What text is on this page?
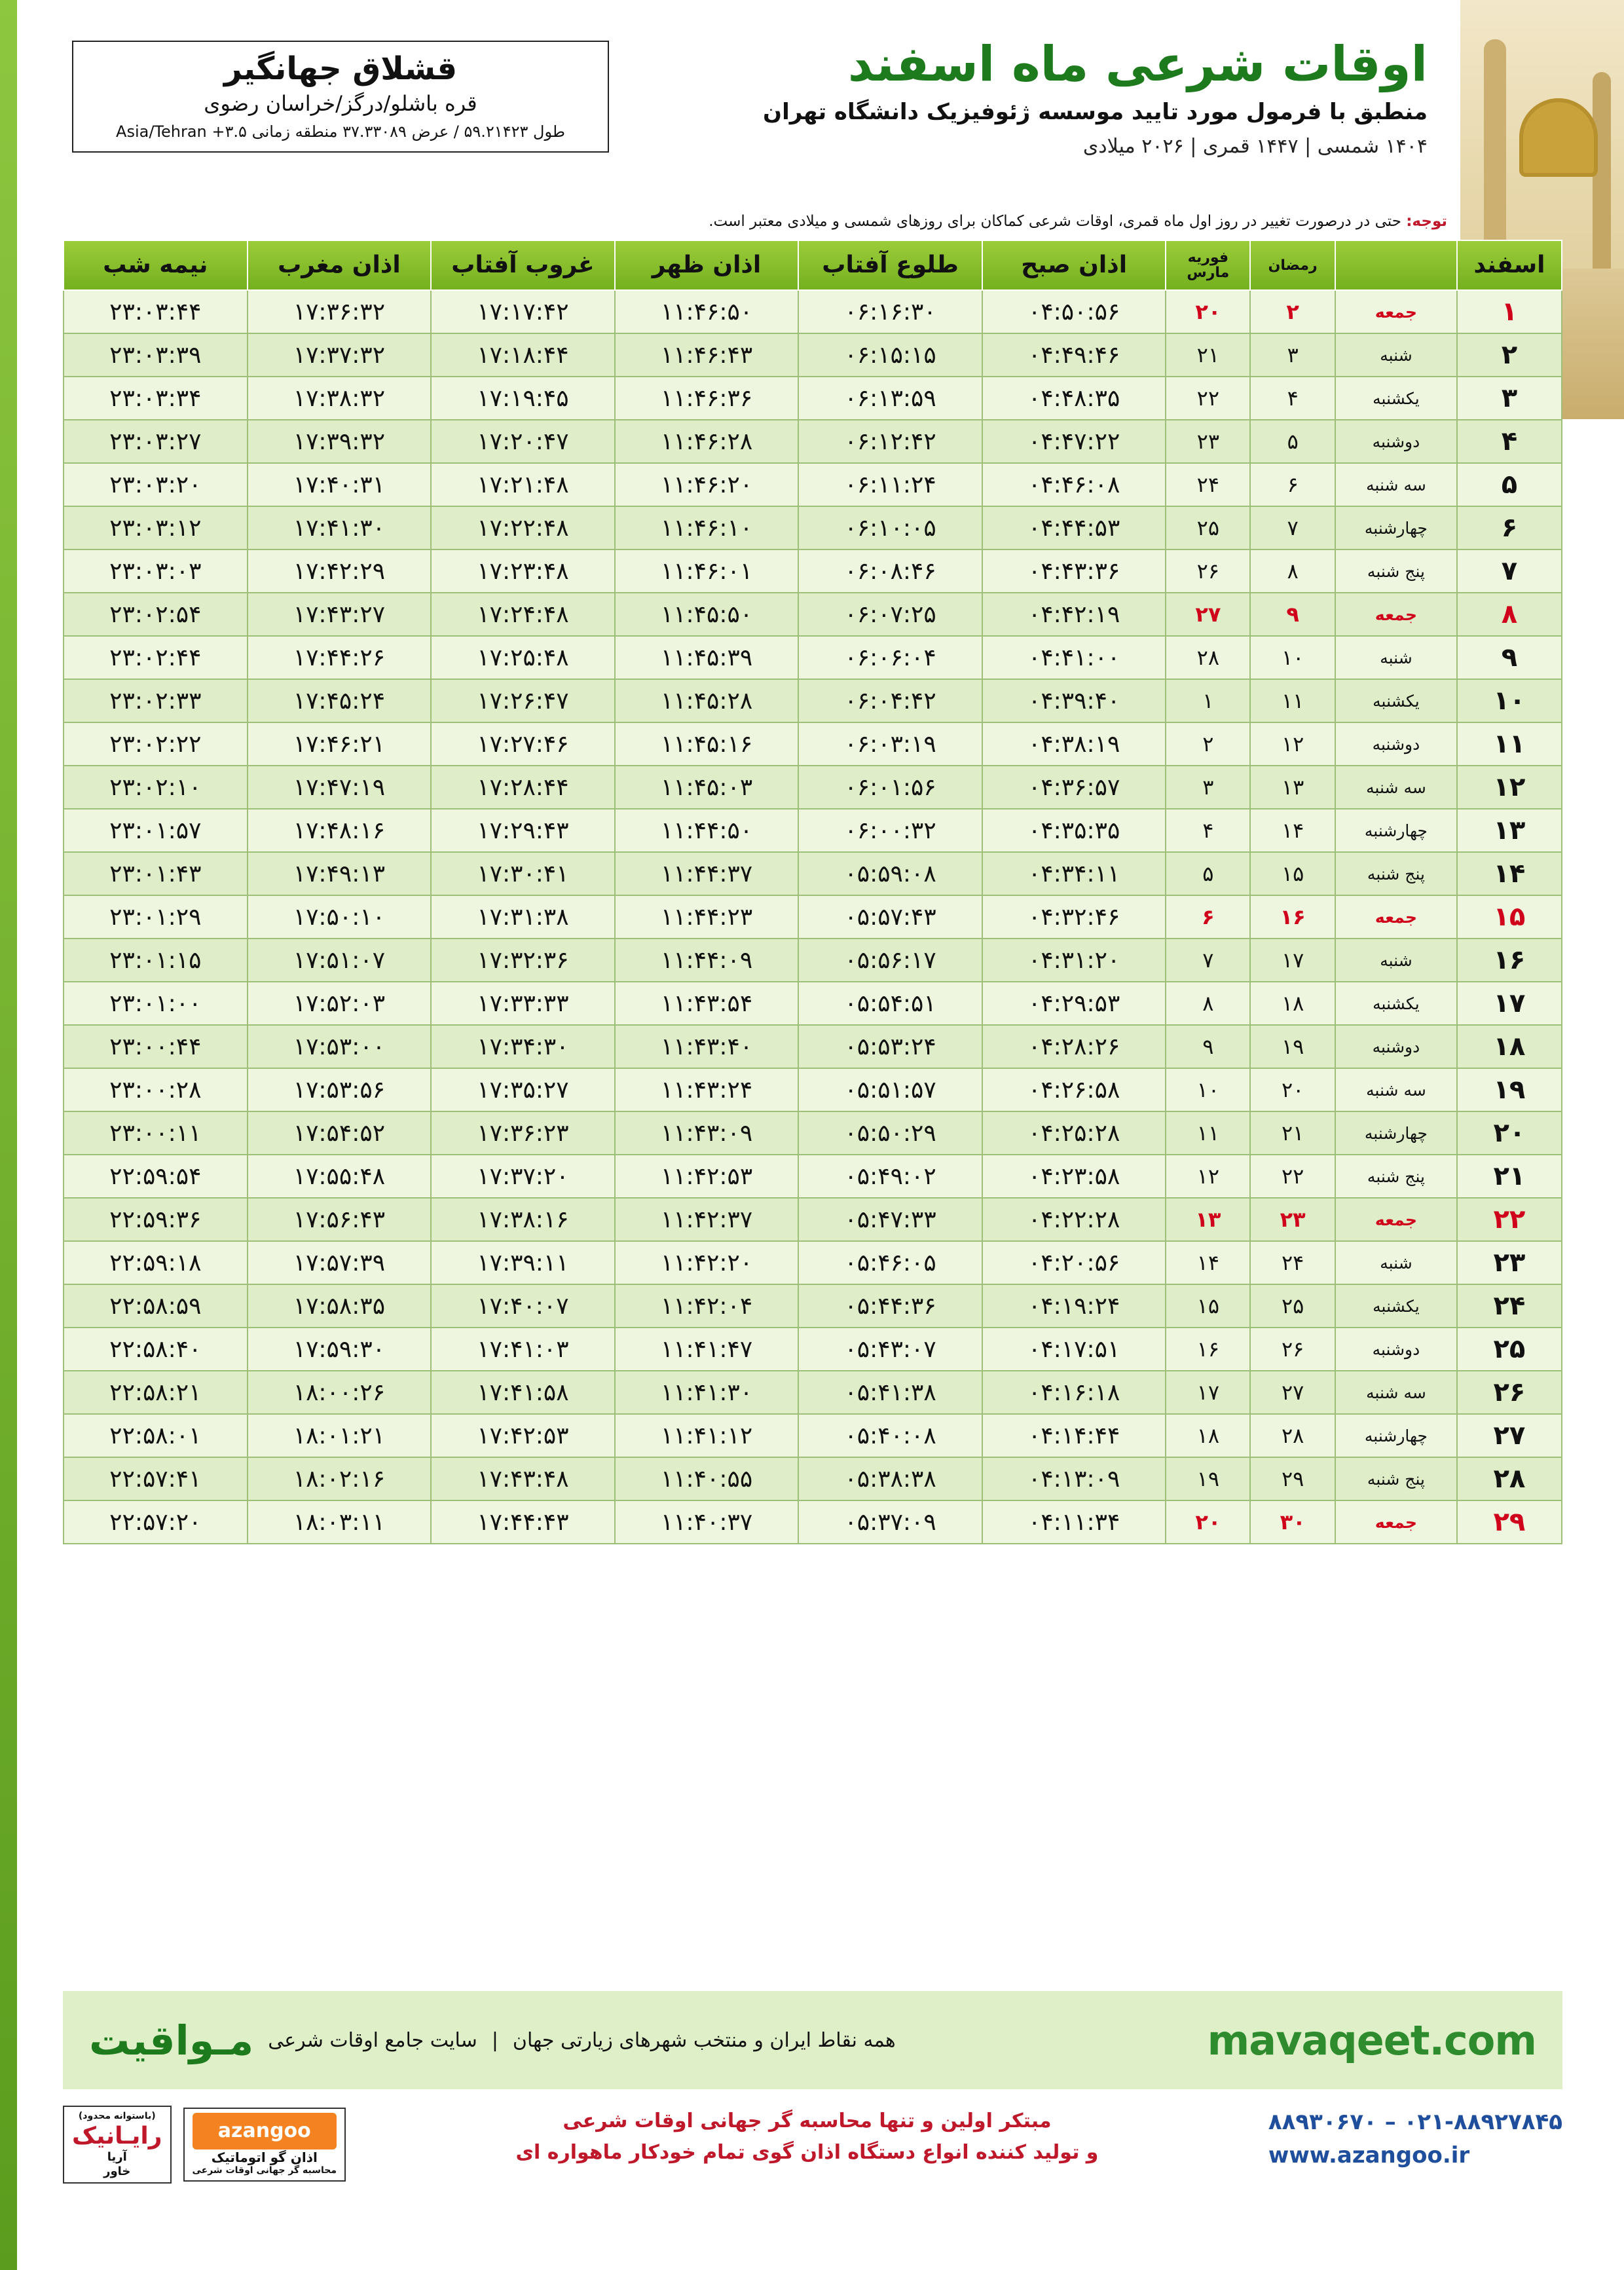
اوقات شرعی ماه اسفند
منطبق با فرمول مورد تایید موسسه ژئوفیزیک دانشگاه تهران
۱۴۰۴ شمسی | ۱۴۴۷ قمری | ۲۰۲۶ میلادی
قشلاق جهانگیر
قره باشلو/درگز/خراسان رضوی
طول ۵۹.۲۱۴۲۳ / عرض ۳۷.۳۳۰۸۹ منطقه زمانی ۳.۵+ Asia/Tehran
توجه: حتی در درصورت تغییر در روز اول ماه قمری، اوقات شرعی کماکان برای روزهای شمسی و میلادی معتبر است.
اسفند		رمضان	فوریه مارس	اذان صبح	طلوع آفتاب	اذان ظهر	غروب آفتاب	اذان مغرب	نیمه شب
۱	جمعه	۲	۲۰	۰۴:۵۰:۵۶	۰۶:۱۶:۳۰	۱۱:۴۶:۵۰	۱۷:۱۷:۴۲	۱۷:۳۶:۳۲	۲۳:۰۳:۴۴
۲	شنبه	۳	۲۱	۰۴:۴۹:۴۶	۰۶:۱۵:۱۵	۱۱:۴۶:۴۳	۱۷:۱۸:۴۴	۱۷:۳۷:۳۲	۲۳:۰۳:۳۹
۳	یکشنبه	۴	۲۲	۰۴:۴۸:۳۵	۰۶:۱۳:۵۹	۱۱:۴۶:۳۶	۱۷:۱۹:۴۵	۱۷:۳۸:۳۲	۲۳:۰۳:۳۴
۴	دوشنبه	۵	۲۳	۰۴:۴۷:۲۲	۰۶:۱۲:۴۲	۱۱:۴۶:۲۸	۱۷:۲۰:۴۷	۱۷:۳۹:۳۲	۲۳:۰۳:۲۷
۵	سه شنبه	۶	۲۴	۰۴:۴۶:۰۸	۰۶:۱۱:۲۴	۱۱:۴۶:۲۰	۱۷:۲۱:۴۸	۱۷:۴۰:۳۱	۲۳:۰۳:۲۰
۶	چهارشنبه	۷	۲۵	۰۴:۴۴:۵۳	۰۶:۱۰:۰۵	۱۱:۴۶:۱۰	۱۷:۲۲:۴۸	۱۷:۴۱:۳۰	۲۳:۰۳:۱۲
۷	پنج شنبه	۸	۲۶	۰۴:۴۳:۳۶	۰۶:۰۸:۴۶	۱۱:۴۶:۰۱	۱۷:۲۳:۴۸	۱۷:۴۲:۲۹	۲۳:۰۳:۰۳
۸	جمعه	۹	۲۷	۰۴:۴۲:۱۹	۰۶:۰۷:۲۵	۱۱:۴۵:۵۰	۱۷:۲۴:۴۸	۱۷:۴۳:۲۷	۲۳:۰۲:۵۴
۹	شنبه	۱۰	۲۸	۰۴:۴۱:۰۰	۰۶:۰۶:۰۴	۱۱:۴۵:۳۹	۱۷:۲۵:۴۸	۱۷:۴۴:۲۶	۲۳:۰۲:۴۴
۱۰	یکشنبه	۱۱	۱	۰۴:۳۹:۴۰	۰۶:۰۴:۴۲	۱۱:۴۵:۲۸	۱۷:۲۶:۴۷	۱۷:۴۵:۲۴	۲۳:۰۲:۳۳
۱۱	دوشنبه	۱۲	۲	۰۴:۳۸:۱۹	۰۶:۰۳:۱۹	۱۱:۴۵:۱۶	۱۷:۲۷:۴۶	۱۷:۴۶:۲۱	۲۳:۰۲:۲۲
۱۲	سه شنبه	۱۳	۳	۰۴:۳۶:۵۷	۰۶:۰۱:۵۶	۱۱:۴۵:۰۳	۱۷:۲۸:۴۴	۱۷:۴۷:۱۹	۲۳:۰۲:۱۰
۱۳	چهارشنبه	۱۴	۴	۰۴:۳۵:۳۵	۰۶:۰۰:۳۲	۱۱:۴۴:۵۰	۱۷:۲۹:۴۳	۱۷:۴۸:۱۶	۲۳:۰۱:۵۷
۱۴	پنج شنبه	۱۵	۵	۰۴:۳۴:۱۱	۰۵:۵۹:۰۸	۱۱:۴۴:۳۷	۱۷:۳۰:۴۱	۱۷:۴۹:۱۳	۲۳:۰۱:۴۳
۱۵	جمعه	۱۶	۶	۰۴:۳۲:۴۶	۰۵:۵۷:۴۳	۱۱:۴۴:۲۳	۱۷:۳۱:۳۸	۱۷:۵۰:۱۰	۲۳:۰۱:۲۹
۱۶	شنبه	۱۷	۷	۰۴:۳۱:۲۰	۰۵:۵۶:۱۷	۱۱:۴۴:۰۹	۱۷:۳۲:۳۶	۱۷:۵۱:۰۷	۲۳:۰۱:۱۵
۱۷	یکشنبه	۱۸	۸	۰۴:۲۹:۵۳	۰۵:۵۴:۵۱	۱۱:۴۳:۵۴	۱۷:۳۳:۳۳	۱۷:۵۲:۰۳	۲۳:۰۱:۰۰
۱۸	دوشنبه	۱۹	۹	۰۴:۲۸:۲۶	۰۵:۵۳:۲۴	۱۱:۴۳:۴۰	۱۷:۳۴:۳۰	۱۷:۵۳:۰۰	۲۳:۰۰:۴۴
۱۹	سه شنبه	۲۰	۱۰	۰۴:۲۶:۵۸	۰۵:۵۱:۵۷	۱۱:۴۳:۲۴	۱۷:۳۵:۲۷	۱۷:۵۳:۵۶	۲۳:۰۰:۲۸
۲۰	چهارشنبه	۲۱	۱۱	۰۴:۲۵:۲۸	۰۵:۵۰:۲۹	۱۱:۴۳:۰۹	۱۷:۳۶:۲۳	۱۷:۵۴:۵۲	۲۳:۰۰:۱۱
۲۱	پنج شنبه	۲۲	۱۲	۰۴:۲۳:۵۸	۰۵:۴۹:۰۲	۱۱:۴۲:۵۳	۱۷:۳۷:۲۰	۱۷:۵۵:۴۸	۲۲:۵۹:۵۴
۲۲	جمعه	۲۳	۱۳	۰۴:۲۲:۲۸	۰۵:۴۷:۳۳	۱۱:۴۲:۳۷	۱۷:۳۸:۱۶	۱۷:۵۶:۴۳	۲۲:۵۹:۳۶
۲۳	شنبه	۲۴	۱۴	۰۴:۲۰:۵۶	۰۵:۴۶:۰۵	۱۱:۴۲:۲۰	۱۷:۳۹:۱۱	۱۷:۵۷:۳۹	۲۲:۵۹:۱۸
۲۴	یکشنبه	۲۵	۱۵	۰۴:۱۹:۲۴	۰۵:۴۴:۳۶	۱۱:۴۲:۰۴	۱۷:۴۰:۰۷	۱۷:۵۸:۳۵	۲۲:۵۸:۵۹
۲۵	دوشنبه	۲۶	۱۶	۰۴:۱۷:۵۱	۰۵:۴۳:۰۷	۱۱:۴۱:۴۷	۱۷:۴۱:۰۳	۱۷:۵۹:۳۰	۲۲:۵۸:۴۰
۲۶	سه شنبه	۲۷	۱۷	۰۴:۱۶:۱۸	۰۵:۴۱:۳۸	۱۱:۴۱:۳۰	۱۷:۴۱:۵۸	۱۸:۰۰:۲۶	۲۲:۵۸:۲۱
۲۷	چهارشنبه	۲۸	۱۸	۰۴:۱۴:۴۴	۰۵:۴۰:۰۸	۱۱:۴۱:۱۲	۱۷:۴۲:۵۳	۱۸:۰۱:۲۱	۲۲:۵۸:۰۱
۲۸	پنج شنبه	۲۹	۱۹	۰۴:۱۳:۰۹	۰۵:۳۸:۳۸	۱۱:۴۰:۵۵	۱۷:۴۳:۴۸	۱۸:۰۲:۱۶	۲۲:۵۷:۴۱
۲۹	جمعه	۳۰	۲۰	۰۴:۱۱:۳۴	۰۵:۳۷:۰۹	۱۱:۴۰:۳۷	۱۷:۴۴:۴۳	۱۸:۰۳:۱۱	۲۲:۵۷:۲۰
mavaqeet.com
همه نقاط ایران و منتخب شهرهای زیارتی جهان
|
سایت جامع اوقات شرعی
مـواقیت
۰۲۱-۸۸۹۲۷۸۴۵ – ۸۸۹۳۰۶۷۰
www.azangoo.ir
مبتکر اولین و تنها محاسبه گر جهانی اوقات شرعی
و تولید کننده انواع دستگاه اذان گوی تمام خودکار ماهواره ای
azangoo
اذان گو اتوماتیک
محاسبه گر جهانی اوقات شرعی
(باستوانه محدود)
رایـانیک
آریا
خاور
